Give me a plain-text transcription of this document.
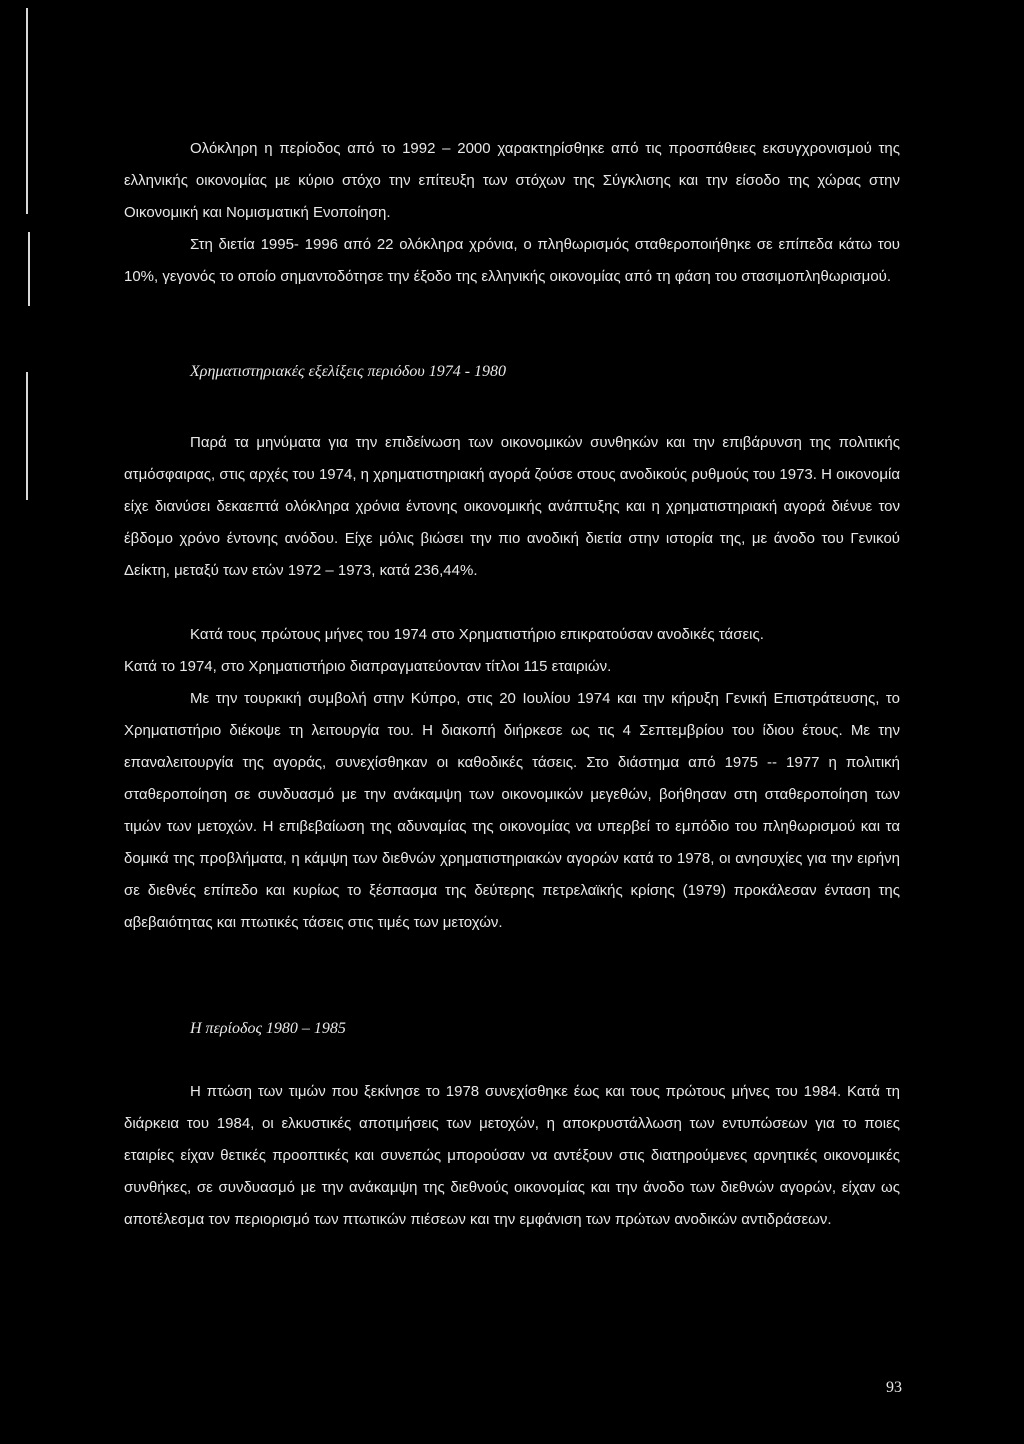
Ολόκληρη η περίοδος από το 1992 – 2000 χαρακτηρίσθηκε από τις προσπάθειες εκσυγχρονισμού της ελληνικής οικονομίας με κύριο στόχο την επίτευξη των στόχων της Σύγκλισης και την είσοδο της χώρας στην Οικονομική και Νομισματική Ενοποίηση.

Στη διετία 1995- 1996 από 22 ολόκληρα χρόνια, ο πληθωρισμός σταθεροποιήθηκε σε επίπεδα κάτω του 10%, γεγονός το οποίο σημαντοδότησε την έξοδο της ελληνικής οικονομίας από τη φάση του στασιμοπληθωρισμού.

Χρηματιστηριακές εξελίξεις περιόδου 1974 - 1980

Παρά τα μηνύματα για την επιδείνωση των οικονομικών συνθηκών και την επιβάρυνση της πολιτικής ατμόσφαιρας, στις αρχές του 1974, η χρηματιστηριακή αγορά ζούσε στους ανοδικούς ρυθμούς του 1973. Η οικονομία είχε διανύσει δεκαεπτά ολόκληρα χρόνια έντονης οικονομικής ανάπτυξης και η χρηματιστηριακή αγορά διένυε τον έβδομο χρόνο έντονης ανόδου. Είχε μόλις βιώσει την πιο ανοδική διετία στην ιστορία της, με άνοδο του Γενικού Δείκτη, μεταξύ των ετών 1972 – 1973, κατά 236,44%.

Κατά τους πρώτους μήνες του 1974 στο Χρηματιστήριο επικρατούσαν ανοδικές τάσεις.

Κατά το 1974, στο Χρηματιστήριο διαπραγματεύονταν τίτλοι 115 εταιριών.

Με την τουρκική συμβολή στην Κύπρο, στις 20 Ιουλίου 1974 και την κήρυξη Γενική Επιστράτευσης, το Χρηματιστήριο διέκοψε τη λειτουργία του. Η διακοπή διήρκεσε ως τις 4 Σεπτεμβρίου του ίδιου έτους. Με την επαναλειτουργία της αγοράς, συνεχίσθηκαν οι καθοδικές τάσεις. Στο διάστημα από 1975 -- 1977 η πολιτική σταθεροποίηση σε συνδυασμό με την ανάκαμψη των οικονομικών μεγεθών, βοήθησαν στη σταθεροποίηση των τιμών των μετοχών. Η επιβεβαίωση της αδυναμίας της οικονομίας να υπερβεί το εμπόδιο του πληθωρισμού και τα δομικά της προβλήματα, η κάμψη των διεθνών χρηματιστηριακών αγορών κατά το 1978, οι ανησυχίες για την ειρήνη σε διεθνές επίπεδο και κυρίως το ξέσπασμα της δεύτερης πετρελαϊκής κρίσης (1979) προκάλεσαν ένταση της αβεβαιότητας και πτωτικές τάσεις στις τιμές των μετοχών.

Η περίοδος 1980 – 1985

Η πτώση των τιμών που ξεκίνησε το 1978 συνεχίσθηκε έως και τους πρώτους μήνες του 1984. Κατά τη διάρκεια του 1984, οι ελκυστικές αποτιμήσεις των μετοχών, η αποκρυστάλλωση των εντυπώσεων για το ποιες εταιρίες είχαν θετικές προοπτικές και συνεπώς μπορούσαν να αντέξουν στις διατηρούμενες αρνητικές οικονομικές συνθήκες, σε συνδυασμό με την ανάκαμψη της διεθνούς οικονομίας και την άνοδο των διεθνών αγορών, είχαν ως αποτέλεσμα τον περιορισμό των πτωτικών πιέσεων και την εμφάνιση των πρώτων ανοδικών αντιδράσεων.

93
